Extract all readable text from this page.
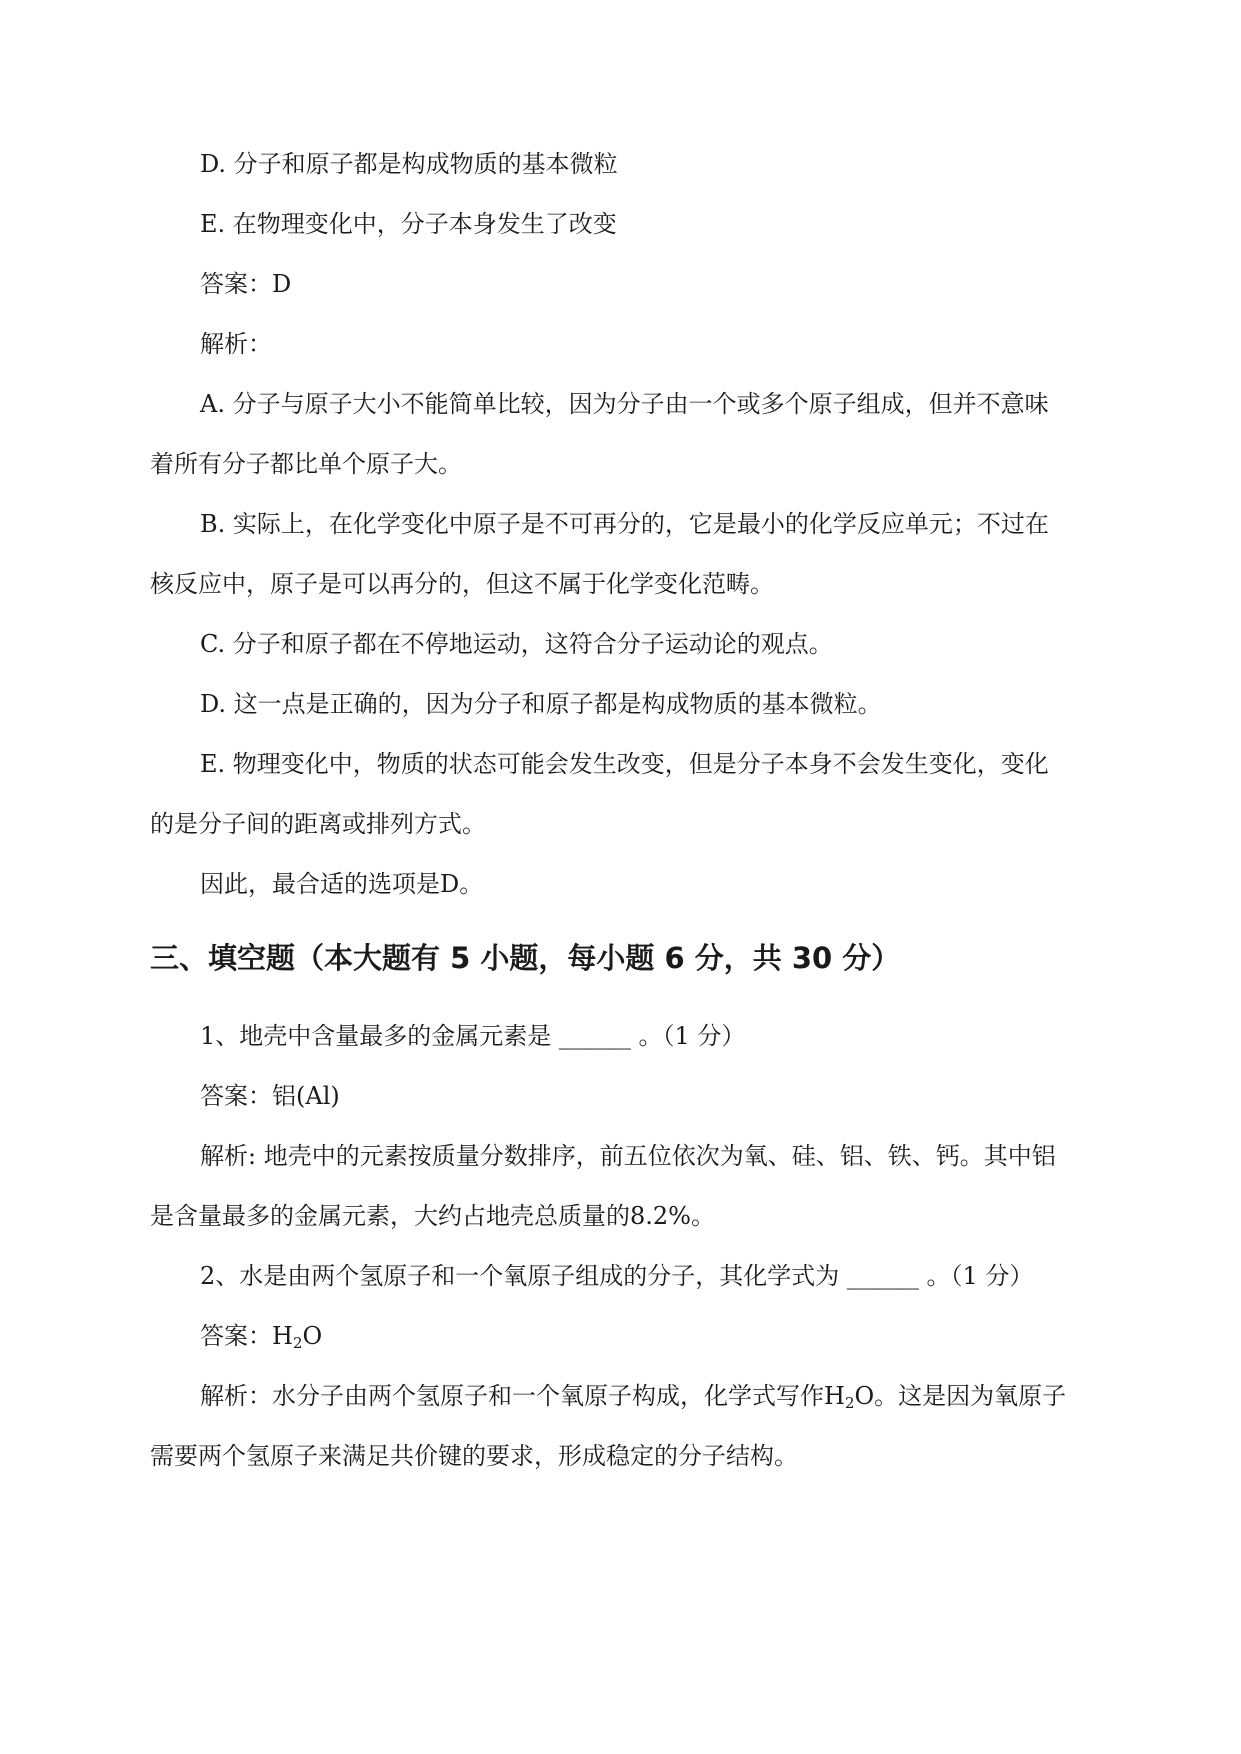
D. 分子和原子都是构成物质的基本微粒
E. 在物理变化中，分子本身发生了改变
答案：D
解析：
A. 分子与原子大小不能简单比较，因为分子由一个或多个原子组成，但并不意味
着所有分子都比单个原子大。
B. 实际上，在化学变化中原子是不可再分的，它是最小的化学反应单元；不过在
核反应中，原子是可以再分的，但这不属于化学变化范畴。
C. 分子和原子都在不停地运动，这符合分子运动论的观点。
D. 这一点是正确的，因为分子和原子都是构成物质的基本微粒。
E. 物理变化中，物质的状态可能会发生改变，但是分子本身不会发生变化，变化
的是分子间的距离或排列方式。
因此，最合适的选项是D。
三、填空题（本大题有 5 小题，每小题 6 分，共 30 分）
1、地壳中含量最多的金属元素是 ______ 。（1 分）
答案：铝(Al)
解析: 地壳中的元素按质量分数排序，前五位依次为氧、硅、铝、铁、钙。其中铝
是含量最多的金属元素，大约占地壳总质量的8.2%。
2、水是由两个氢原子和一个氧原子组成的分子，其化学式为 ______ 。（1 分）
答案：$H_2O$
解析：水分子由两个氢原子和一个氧原子构成，化学式写作$H_2O$。这是因为氧原子
需要两个氢原子来满足共价键的要求，形成稳定的分子结构。
